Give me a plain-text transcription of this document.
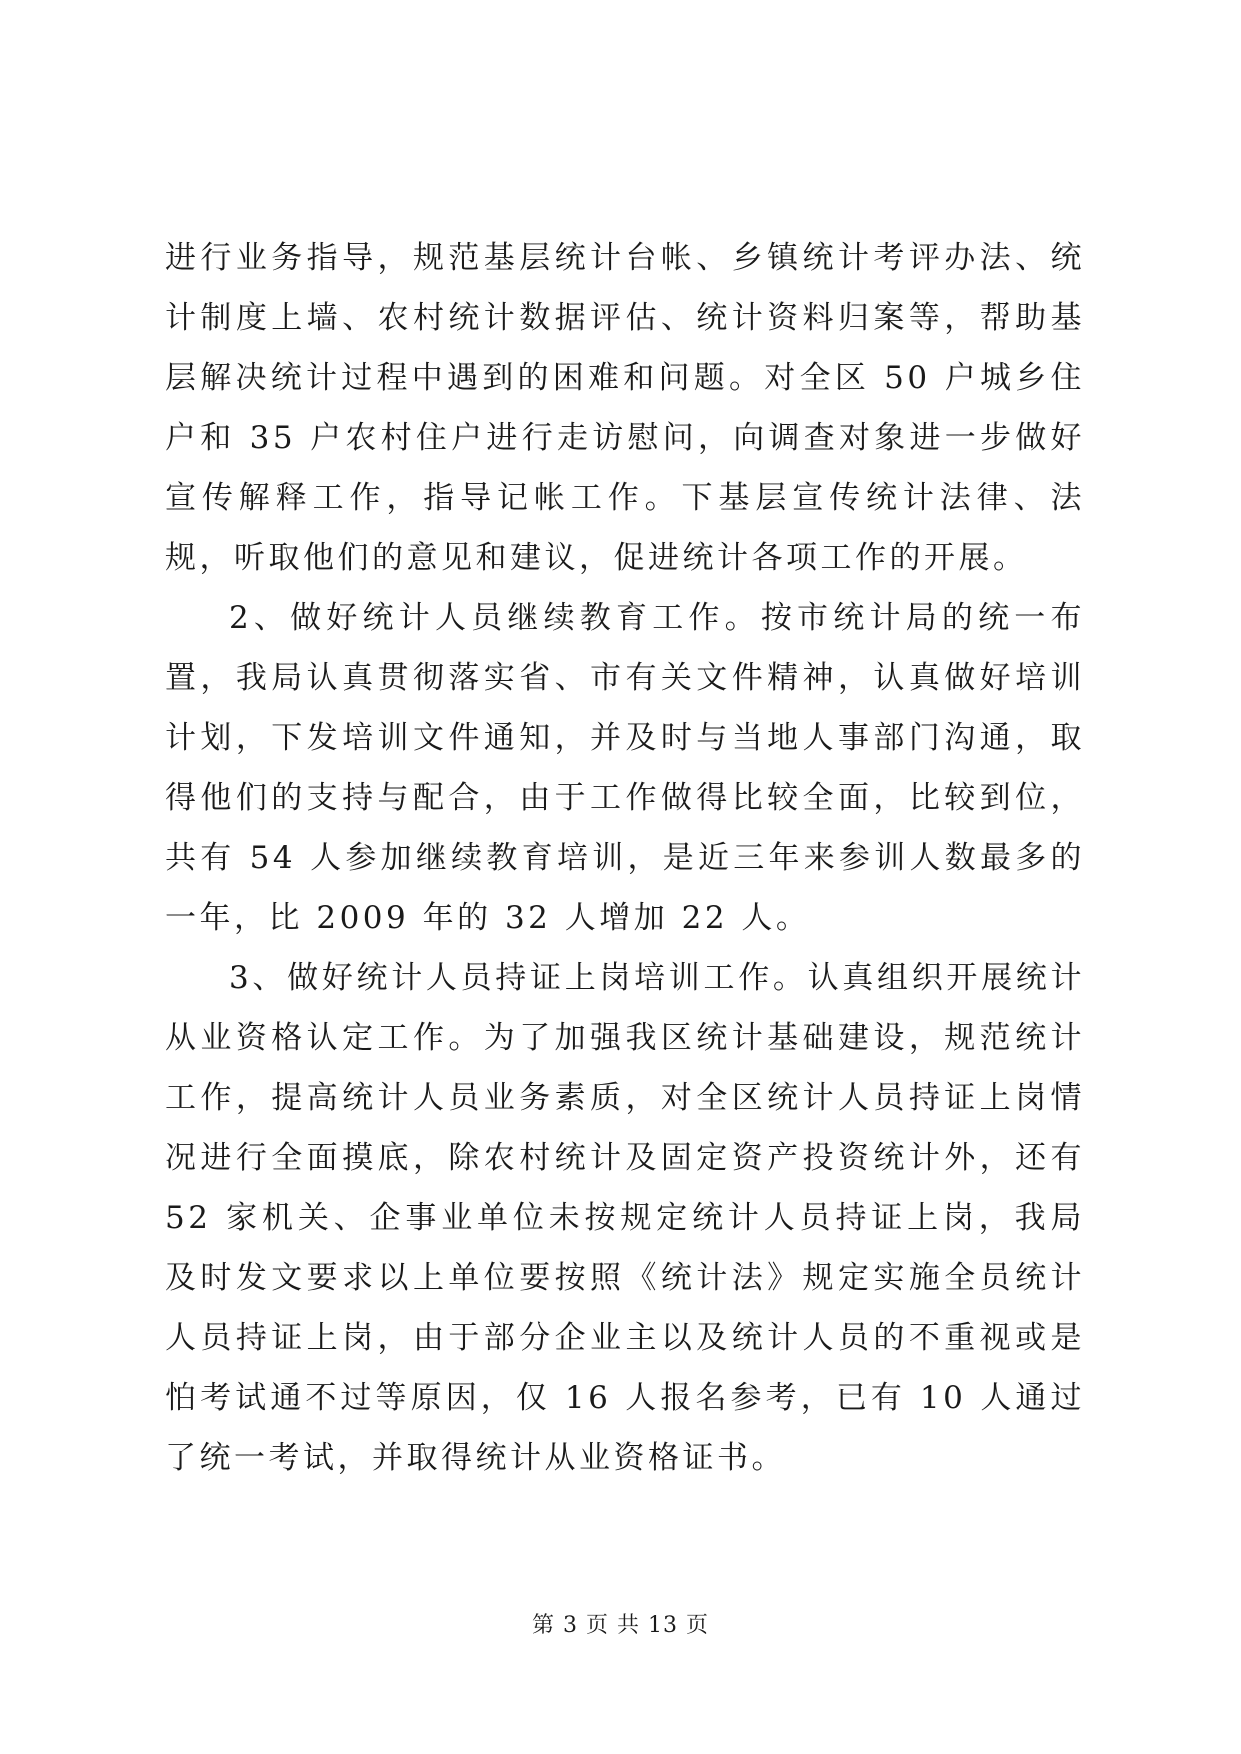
进行业务指导，规范基层统计台帐、乡镇统计考评办法、统计制度上墙、农村统计数据评估、统计资料归案等，帮助基层解决统计过程中遇到的困难和问题。对全区 50 户城乡住户和 35 户农村住户进行走访慰问，向调查对象进一步做好宣传解释工作，指导记帐工作。下基层宣传统计法律、法规，听取他们的意见和建议，促进统计各项工作的开展。

2、做好统计人员继续教育工作。按市统计局的统一布置，我局认真贯彻落实省、市有关文件精神，认真做好培训计划，下发培训文件通知，并及时与当地人事部门沟通，取得他们的支持与配合，由于工作做得比较全面，比较到位，共有 54 人参加继续教育培训，是近三年来参训人数最多的一年，比 2009 年的 32 人增加 22 人。

3、做好统计人员持证上岗培训工作。认真组织开展统计从业资格认定工作。为了加强我区统计基础建设，规范统计工作，提高统计人员业务素质，对全区统计人员持证上岗情况进行全面摸底，除农村统计及固定资产投资统计外，还有 52 家机关、企事业单位未按规定统计人员持证上岗，我局及时发文要求以上单位要按照《统计法》规定实施全员统计人员持证上岗，由于部分企业主以及统计人员的不重视或是怕考试通不过等原因，仅 16 人报名参考，已有 10 人通过了统一考试，并取得统计从业资格证书。

第 3 页 共 13 页
